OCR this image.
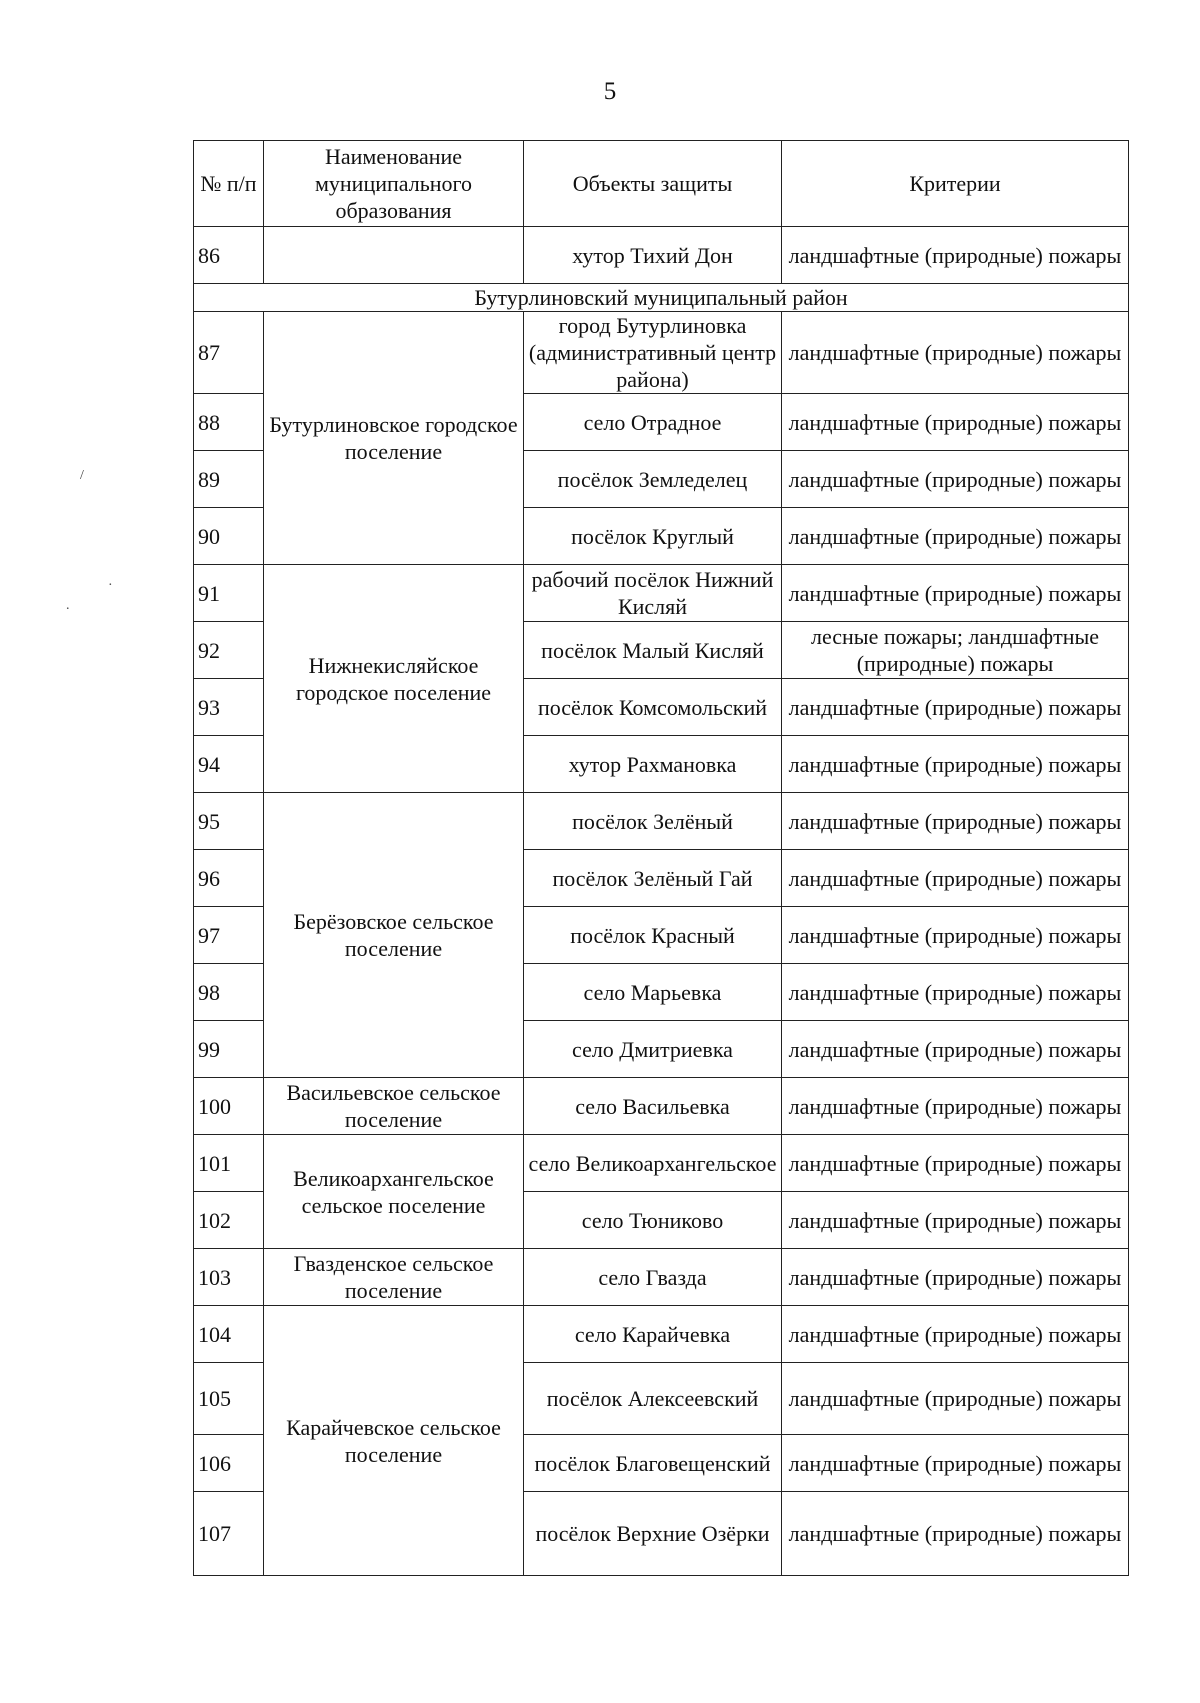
5
/
·
.
№ п/п	Наименование муниципального образования	Объекты защиты	Критерии
86		хутор Тихий Дон	ландшафтные (природные) пожары
Бутурлиновский муниципальный район			
87	Бутурлиновское городское поселение	город Бутурлиновка (административный центр района)	ландшафтные (природные) пожары
88		село Отрадное	ландшафтные (природные) пожары
89		посёлок Земледелец	ландшафтные (природные) пожары
90		посёлок Круглый	ландшафтные (природные) пожары
91	Нижнекисляйское городское поселение	рабочий посёлок Нижний Кисляй	ландшафтные (природные) пожары
92		посёлок Малый Кисляй	лесные пожары; ландшафтные (природные) пожары
93		посёлок Комсомольский	ландшафтные (природные) пожары
94		хутор Рахмановка	ландшафтные (природные) пожары
95	Берёзовское сельское поселение	посёлок Зелёный	ландшафтные (природные) пожары
96		посёлок Зелёный Гай	ландшафтные (природные) пожары
97		посёлок Красный	ландшафтные (природные) пожары
98		село Марьевка	ландшафтные (природные) пожары
99		село Дмитриевка	ландшафтные (природные) пожары
100	Васильевское сельское поселение	село Васильевка	ландшафтные (природные) пожары
101	Великоархангельское сельское поселение	село Великоархангельское	ландшафтные (природные) пожары
102		село Тюниково	ландшафтные (природные) пожары
103	Гвазденское сельское поселение	село Гвазда	ландшафтные (природные) пожары
104	Карайчевское сельское поселение	село Карайчевка	ландшафтные (природные) пожары
105		посёлок Алексеевский	ландшафтные (природные) пожары
106		посёлок Благовещенский	ландшафтные (природные) пожары
107		посёлок Верхние Озёрки	ландшафтные (природные) пожары
